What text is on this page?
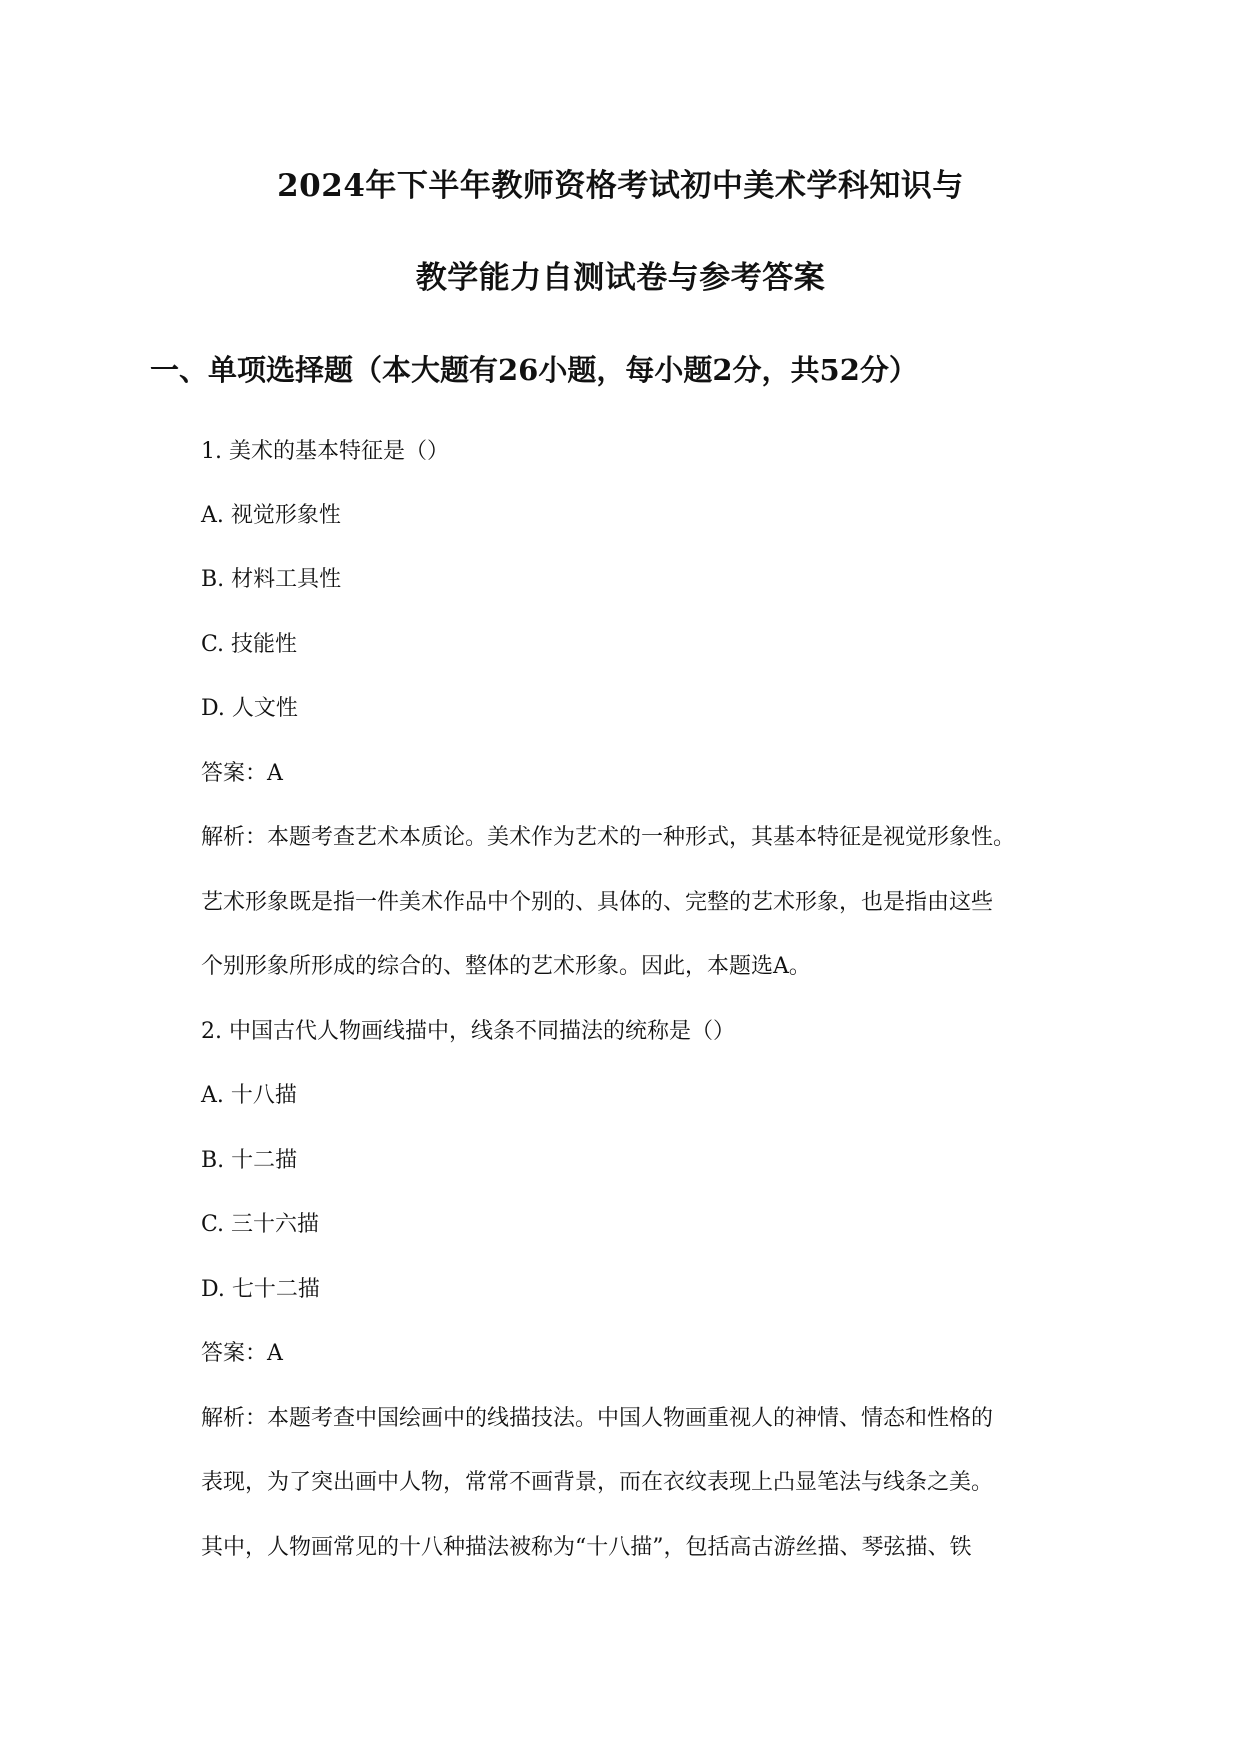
2024年下半年教师资格考试初中美术学科知识与
教学能力自测试卷与参考答案
一、单项选择题（本大题有26小题，每小题2分，共52分）
1. 美术的基本特征是（）
A. 视觉形象性
B. 材料工具性
C. 技能性
D. 人文性
答案：A
解析：本题考查艺术本质论。美术作为艺术的一种形式，其基本特征是视觉形象性。
艺术形象既是指一件美术作品中个别的、具体的、完整的艺术形象，也是指由这些
个别形象所形成的综合的、整体的艺术形象。因此，本题选A。
2. 中国古代人物画线描中，线条不同描法的统称是（）
A. 十八描
B. 十二描
C. 三十六描
D. 七十二描
答案：A
解析：本题考查中国绘画中的线描技法。中国人物画重视人的神情、情态和性格的
表现，为了突出画中人物，常常不画背景，而在衣纹表现上凸显笔法与线条之美。
其中，人物画常见的十八种描法被称为“十八描”，包括高古游丝描、琴弦描、铁
